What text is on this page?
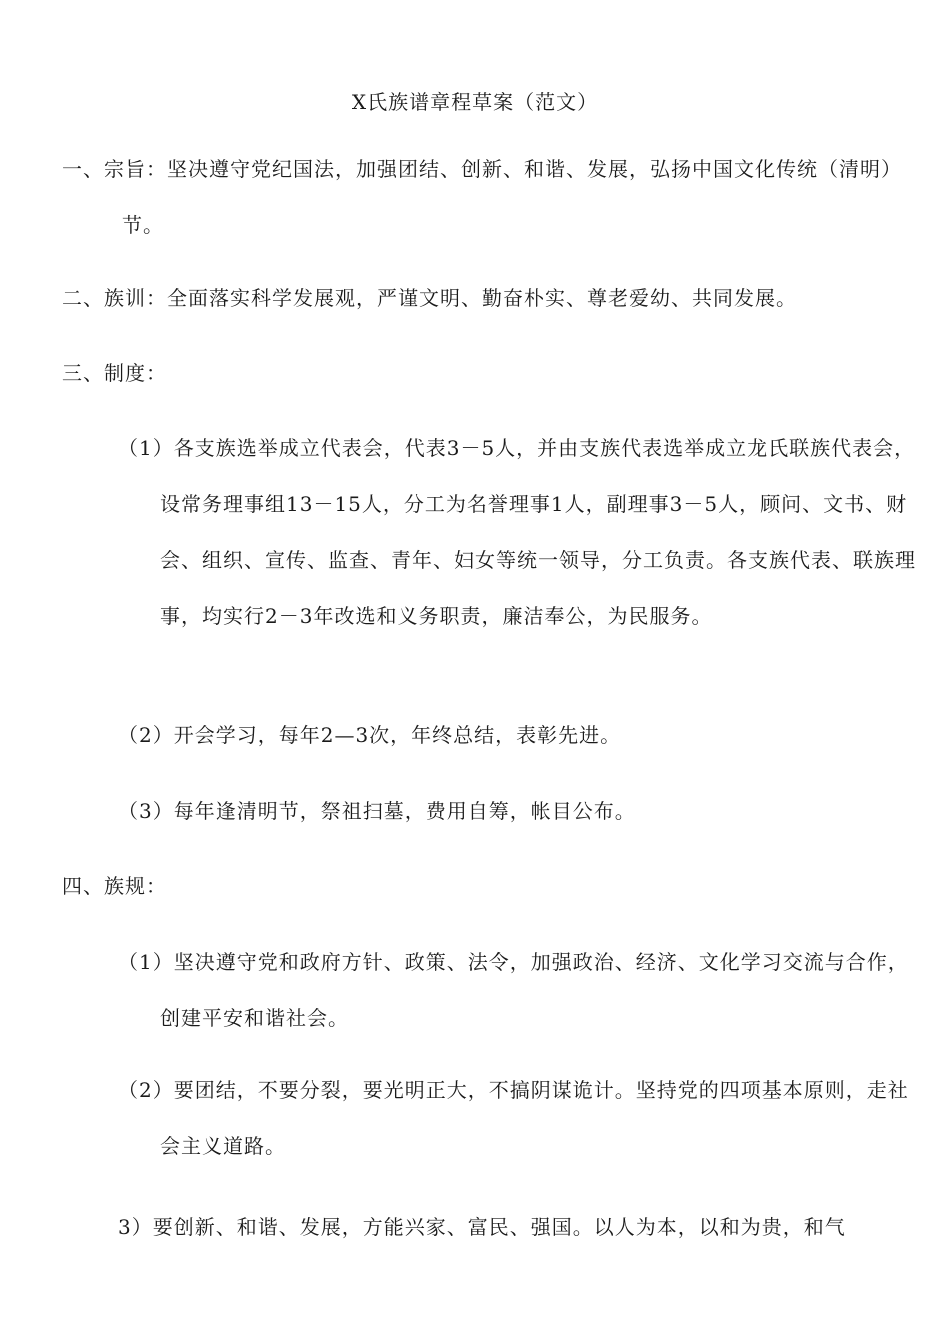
X氏族谱章程草案（范文）
一、宗旨：坚决遵守党纪国法，加强团结、创新、和谐、发展，弘扬中国文化传统（清明）节。
二、族训：全面落实科学发展观，严谨文明、勤奋朴实、尊老爱幼、共同发展。
三、制度：
（1）各支族选举成立代表会，代表3－5人，并由支族代表选举成立龙氏联族代表会，设常务理事组13－15人，分工为名誉理事1人，副理事3－5人，顾问、文书、财会、组织、宣传、监查、青年、妇女等统一领导，分工负责。各支族代表、联族理事，均实行2－3年改选和义务职责，廉洁奉公，为民服务。
（2）开会学习，每年2—3次，年终总结，表彰先进。
（3）每年逢清明节，祭祖扫墓，费用自筹，帐目公布。
四、族规：
（1）坚决遵守党和政府方针、政策、法令，加强政治、经济、文化学习交流与合作，创建平安和谐社会。
（2）要团结，不要分裂，要光明正大，不搞阴谋诡计。坚持党的四项基本原则，走社会主义道路。
3）要创新、和谐、发展，方能兴家、富民、强国。以人为本，以和为贵，和气
